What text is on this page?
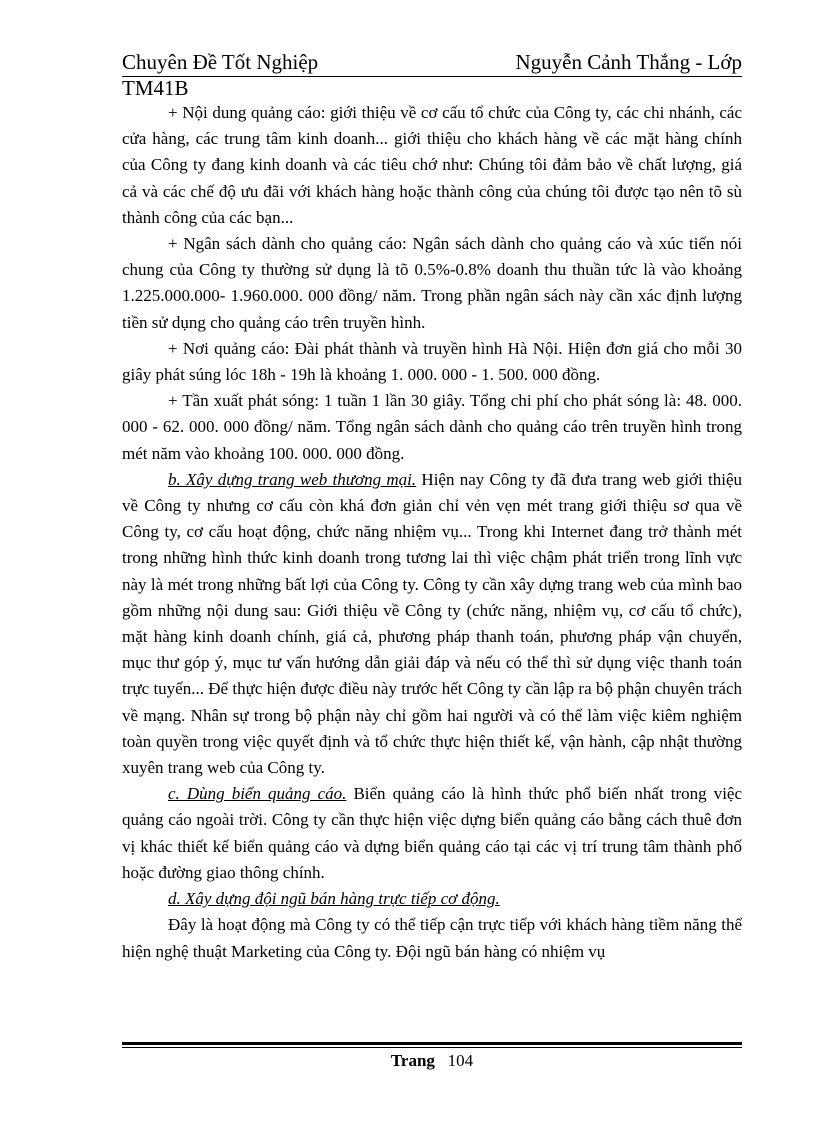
Chuyên Đề Tốt Nghiệp	Nguyễn Cảnh Thắng - Lớp
TM41B

+ Nội dung quảng cáo: giới thiệu về cơ cấu tổ chức của Công ty, các chi nhánh, các cửa hàng, các trung tâm kinh doanh... giới thiệu cho khách hàng về các mặt hàng chính của Công ty đang kinh doanh và các tiêu chớ như: Chúng tôi đảm bảo về chất lượng, giá cả và các chế độ ưu đãi với khách hàng hoặc thành công của chúng tôi được tạo nên tõ sù thành công của các bạn...

+ Ngân sách dành cho quảng cáo: Ngân sách dành cho quảng cáo và xúc tiến nói chung của Công ty thường sử dụng là tõ 0.5%-0.8% doanh thu thuần tức là vào khoảng 1.225.000.000- 1.960.000. 000 đồng/ năm. Trong phần ngân sách này cần xác định lượng tiền sử dụng cho quảng cáo trên truyền hình.

+ Nơi quảng cáo: Đài phát thành và truyền hình Hà Nội. Hiện đơn giá cho mỗi 30 giây phát súng lóc 18h - 19h là khoảng 1. 000. 000 - 1. 500. 000 đồng.

+ Tần xuất phát sóng: 1 tuần 1 lần 30 giây. Tổng chi phí cho phát sóng là: 48. 000. 000 - 62. 000. 000 đồng/ năm. Tổng ngân sách dành cho quảng cáo trên truyền hình trong mét năm vào khoảng 100. 000. 000 đồng.

b. Xây dựng trang web thương mại. Hiện nay Công ty đã đưa trang web giới thiệu về Công ty nhưng cơ cấu còn khá đơn giản chỉ vẻn vẹn mét trang giới thiệu sơ qua về Công ty, cơ cấu hoạt động, chức năng nhiệm vụ... Trong khi Internet đang trở thành mét trong những hình thức kinh doanh trong tương lai thì việc chậm phát triển trong lĩnh vực này là mét trong những bất lợi của Công ty. Công ty cần xây dựng trang web của mình bao gồm những nội dung sau: Giới thiệu về Công ty (chức năng, nhiệm vụ, cơ cấu tổ chức), mặt hàng kinh doanh chính, giá cả, phương pháp thanh toán, phương pháp vận chuyển, mục thư góp ý, mục tư vấn hướng dẫn giải đáp và nếu có thể thì sử dụng việc thanh toán trực tuyến... Để thực hiện được điều này trước hết Công ty cần lập ra bộ phận chuyên trách về mạng. Nhân sự trong bộ phận này chỉ gồm hai người và có thể làm việc kiêm nghiệm toàn quyền trong việc quyết định và tổ chức thực hiện thiết kế, vận hành, cập nhật thường xuyên trang web của Công ty.

c. Dùng biển quảng cáo. Biển quảng cáo là hình thức phổ biến nhất trong việc quảng cáo ngoài trời. Công ty cần thực hiện việc dựng biển quảng cáo bằng cách thuê đơn vị khác thiết kế biển quảng cáo và dựng biển quảng cáo tại các vị trí trung tâm thành phố hoặc đường giao thông chính.

d. Xây dựng đội ngũ bán hàng trực tiếp cơ động.

Đây là hoạt động mà Công ty có thể tiếp cận trực tiếp với khách hàng tiềm năng thể hiện nghệ thuật Marketing của Công ty. Đội ngũ bán hàng có nhiệm vụ

Trang 104
